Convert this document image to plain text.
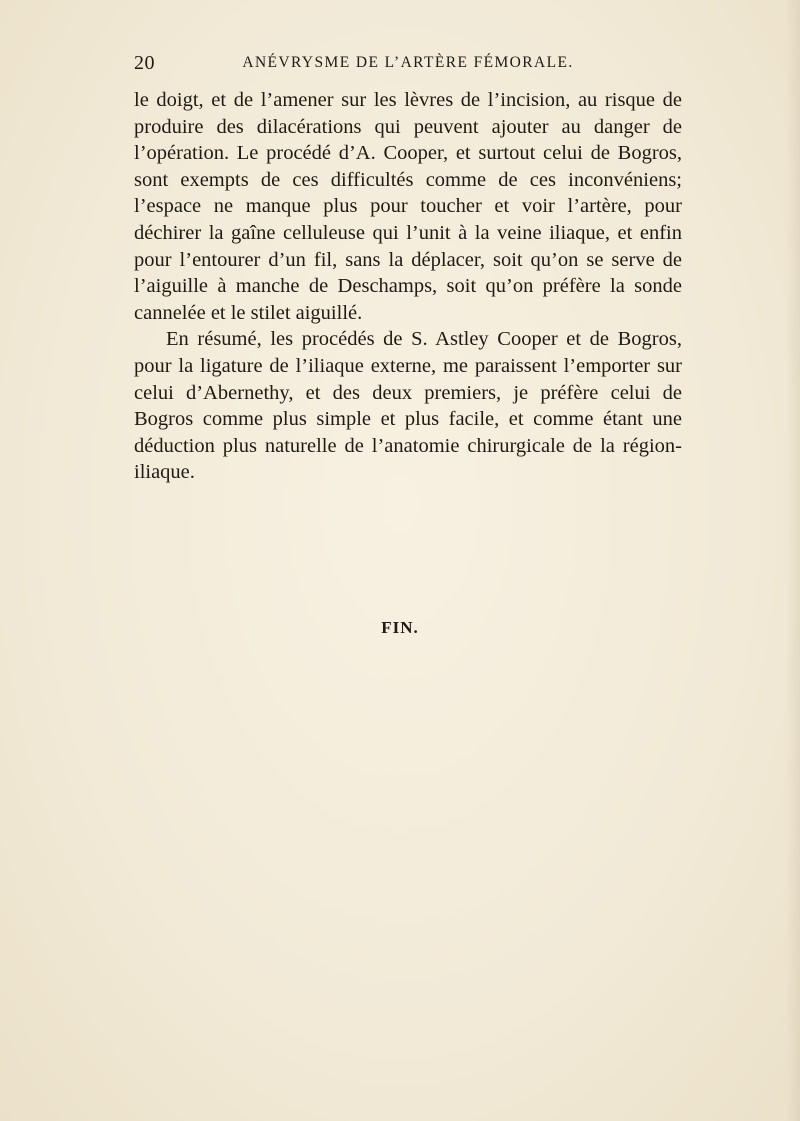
20	ANÉVRYSME DE L’ARTÈRE FÉMORALE.

le doigt, et de l’amener sur les lèvres de l’incision, au risque de produire des dilacérations qui peuvent ajouter au danger de l’opération. Le procédé d’A. Cooper, et surtout celui de Bogros, sont exempts de ces difficultés comme de ces inconvéniens; l’espace ne manque plus pour toucher et voir l’artère, pour déchirer la gaîne celluleuse qui l’unit à la veine iliaque, et enfin pour l’entourer d’un fil, sans la déplacer, soit qu’on se serve de l’aiguille à manche de Deschamps, soit qu’on préfère la sonde cannelée et le stilet aiguillé.

En résumé, les procédés de S. Astley Cooper et de Bogros, pour la ligature de l’iliaque externe, me paraissent l’emporter sur celui d’Abernethy, et des deux premiers, je préfère celui de Bogros comme plus simple et plus facile, et comme étant une déduction plus naturelle de l’anatomie chirurgicale de la région-iliaque.

FIN.
